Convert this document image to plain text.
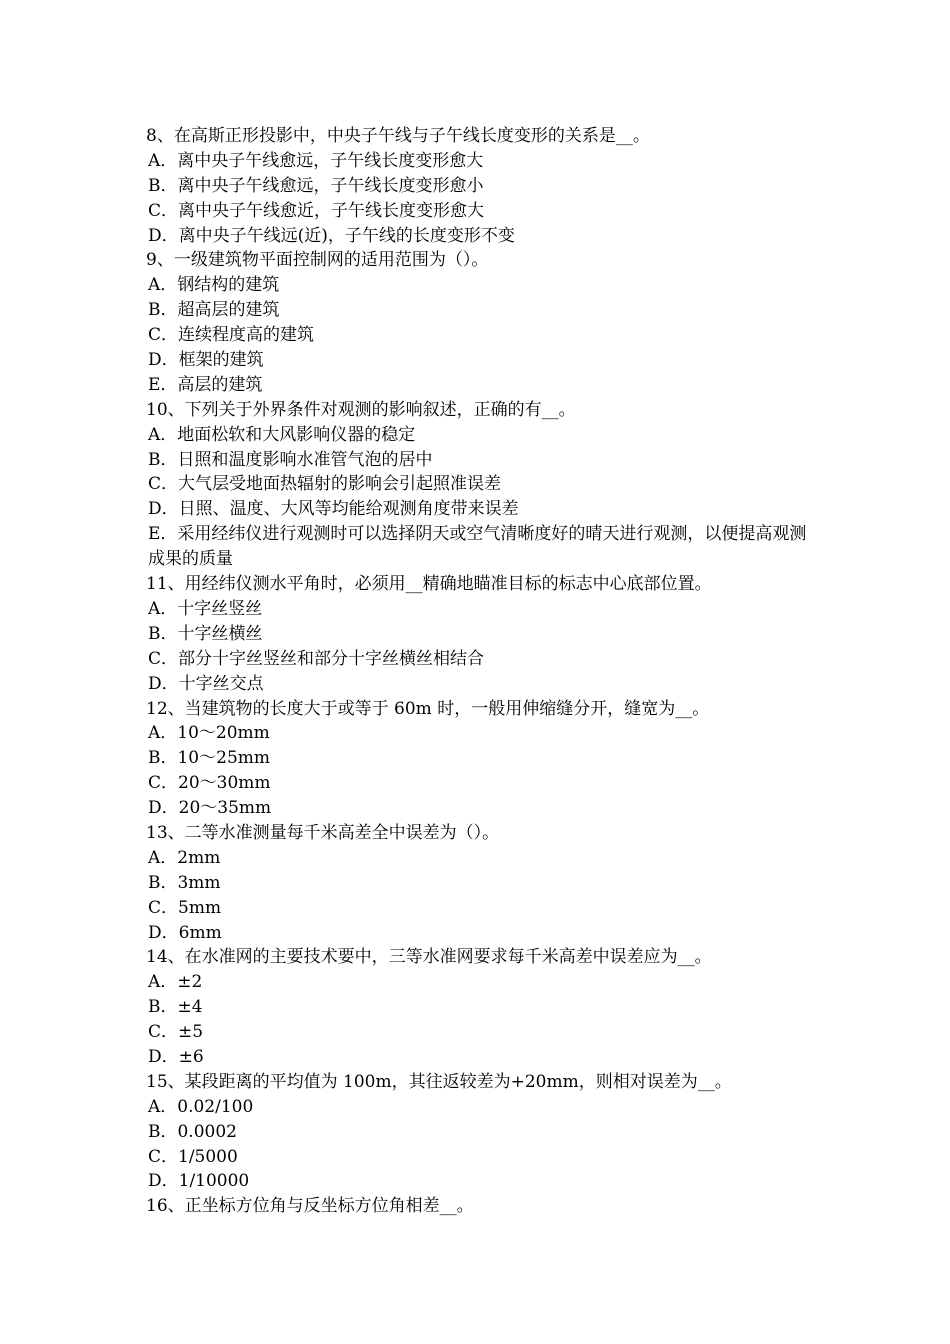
8、在高斯正形投影中，中央子午线与子午线长度变形的关系是__。
A．离中央子午线愈远，子午线长度变形愈大
B．离中央子午线愈远，子午线长度变形愈小
C．离中央子午线愈近，子午线长度变形愈大
D．离中央子午线远(近)，子午线的长度变形不变
9、一级建筑物平面控制网的适用范围为（）。
A．钢结构的建筑
B．超高层的建筑
C．连续程度高的建筑
D．框架的建筑
E．高层的建筑
10、下列关于外界条件对观测的影响叙述，正确的有__。
A．地面松软和大风影响仪器的稳定
B．日照和温度影响水准管气泡的居中
C．大气层受地面热辐射的影响会引起照准误差
D．日照、温度、大风等均能给观测角度带来误差
E．采用经纬仪进行观测时可以选择阴天或空气清晰度好的晴天进行观测，以便提高观测成果的质量
11、用经纬仪测水平角时，必须用__精确地瞄准目标的标志中心底部位置。
A．十字丝竖丝
B．十字丝横丝
C．部分十字丝竖丝和部分十字丝横丝相结合
D．十字丝交点
12、当建筑物的长度大于或等于 60m 时，一般用伸缩缝分开，缝宽为__。
A．10～20mm
B．10～25mm
C．20～30mm
D．20～35mm
13、二等水准测量每千米高差全中误差为（）。
A．2mm
B．3mm
C．5mm
D．6mm
14、在水准网的主要技术要中，三等水准网要求每千米高差中误差应为__。
A．±2
B．±4
C．±5
D．±6
15、某段距离的平均值为 100m，其往返较差为+20mm，则相对误差为__。
A．0.02/100
B．0.0002
C．1/5000
D．1/10000
16、正坐标方位角与反坐标方位角相差__。
